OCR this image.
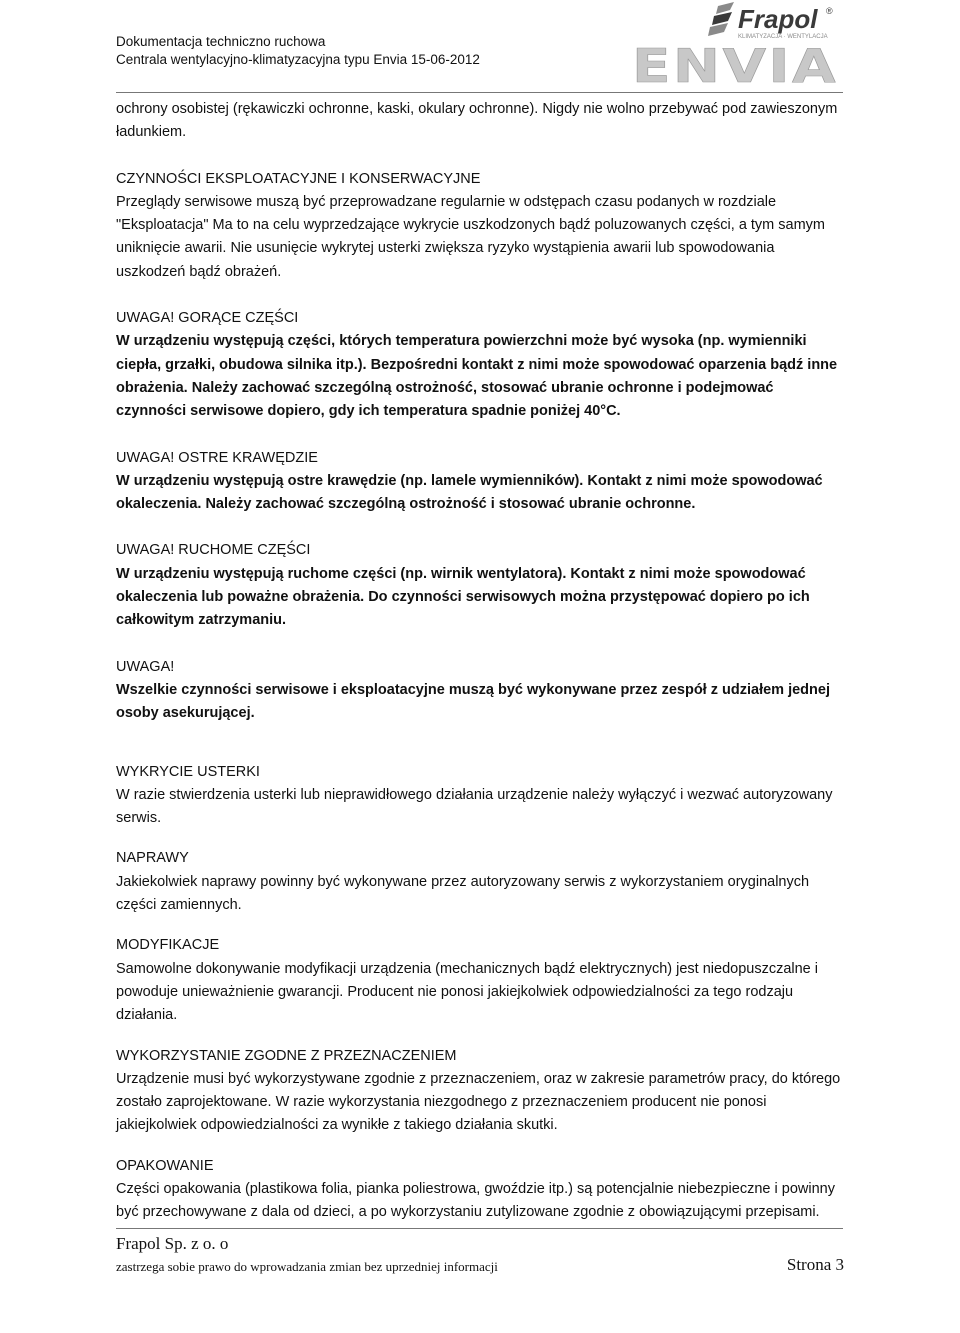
Dokumentacja techniczno ruchowa
Centrala wentylacyjno-klimatyzacyjna typu Envia 15-06-2012
Frapol ®
KLIMATYZACJA · WENTYLACJA
ENVIA

ochrony osobistej (rękawiczki ochronne, kaski, okulary ochronne). Nigdy nie wolno przebywać pod zawieszonym ładunkiem.

CZYNNOŚCI EKSPLOATACYJNE I KONSERWACYJNE

Przeglądy serwisowe muszą być przeprowadzane regularnie w odstępach czasu podanych w rozdziale "Eksploatacja" Ma to na celu wyprzedzające wykrycie uszkodzonych bądź poluzowanych części, a tym samym uniknięcie awarii. Nie usunięcie wykrytej usterki zwiększa ryzyko wystąpienia awarii lub spowodowania uszkodzeń bądź obrażeń.

UWAGA! GORĄCE CZĘŚCI

W urządzeniu występują części, których temperatura powierzchni może być wysoka (np. wymienniki ciepła, grzałki, obudowa silnika itp.). Bezpośredni kontakt z nimi może spowodować oparzenia bądź inne obrażenia. Należy zachować szczególną ostrożność, stosować ubranie ochronne i podejmować czynności serwisowe dopiero, gdy ich temperatura spadnie poniżej 40°C.

UWAGA! OSTRE KRAWĘDZIE

W urządzeniu występują ostre krawędzie (np. lamele wymienników). Kontakt z nimi może spowodować okaleczenia. Należy zachować szczególną ostrożność i stosować ubranie ochronne.

UWAGA! RUCHOME CZĘŚCI

W urządzeniu występują ruchome części (np. wirnik wentylatora). Kontakt z nimi może spowodować okaleczenia lub poważne obrażenia. Do czynności serwisowych można przystępować dopiero po ich całkowitym zatrzymaniu.

UWAGA!

Wszelkie czynności serwisowe i eksploatacyjne muszą być wykonywane przez zespół z udziałem jednej osoby asekurującej.

WYKRYCIE USTERKI

W razie stwierdzenia usterki lub nieprawidłowego działania urządzenie należy wyłączyć i wezwać autoryzowany serwis.

NAPRAWY

Jakiekolwiek naprawy powinny być wykonywane przez autoryzowany serwis z wykorzystaniem oryginalnych części zamiennych.

MODYFIKACJE

Samowolne dokonywanie modyfikacji urządzenia (mechanicznych bądź elektrycznych) jest niedopuszczalne i powoduje unieważnienie gwarancji. Producent nie ponosi jakiejkolwiek odpowiedzialności za tego rodzaju działania.

WYKORZYSTANIE ZGODNE Z PRZEZNACZENIEM

Urządzenie musi być wykorzystywane zgodnie z przeznaczeniem, oraz w zakresie parametrów pracy, do którego zostało zaprojektowane. W razie wykorzystania niezgodnego z przeznaczeniem producent nie ponosi jakiejkolwiek odpowiedzialności za wynikłe z takiego działania skutki.

OPAKOWANIE

Części opakowania (plastikowa folia, pianka poliestrowa, gwoździe itp.) są potencjalnie niebezpieczne i powinny być przechowywane z dala od dzieci, a po wykorzystaniu zutylizowane zgodnie z obowiązującymi przepisami.

Frapol Sp. z o. o
zastrzega sobie prawo do wprowadzania zmian bez uprzedniej informacji	Strona 3
